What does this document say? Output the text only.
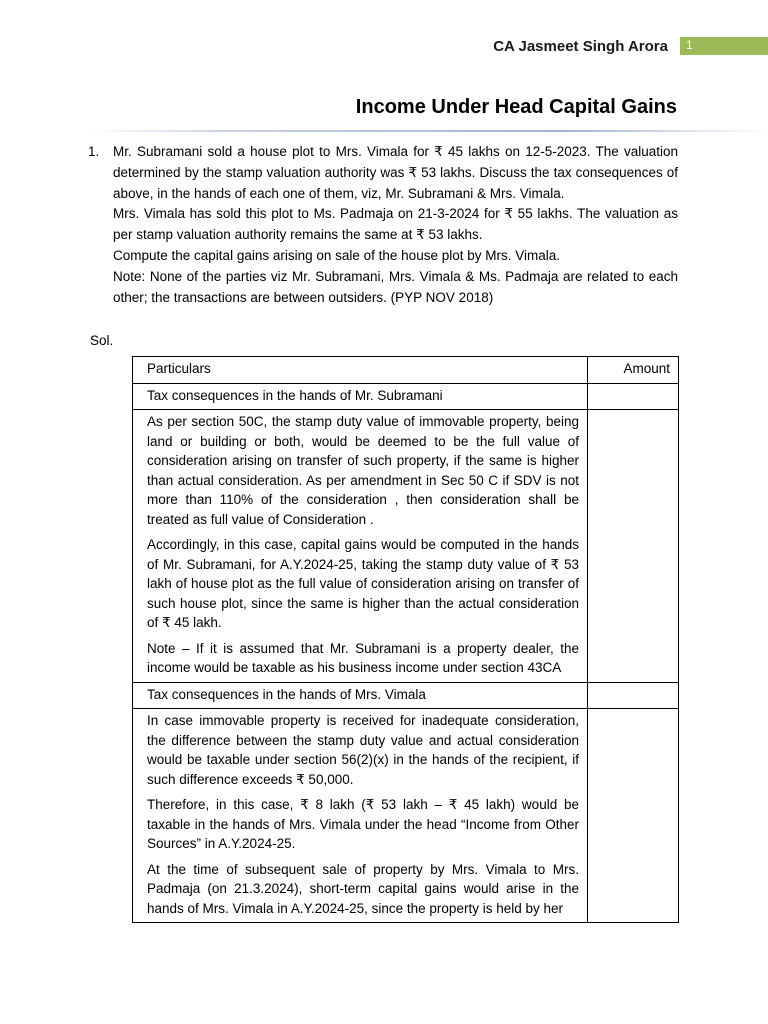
CA Jasmeet Singh Arora 1
Income Under Head Capital Gains
1.	Mr. Subramani sold a house plot to Mrs. Vimala for ₹ 45 lakhs on 12-5-2023. The valuation determined by the stamp valuation authority was ₹ 53 lakhs. Discuss the tax consequences of above, in the hands of each one of them, viz, Mr. Subramani & Mrs. Vimala.

Mrs. Vimala has sold this plot to Ms. Padmaja on 21-3-2024 for ₹ 55 lakhs. The valuation as per stamp valuation authority remains the same at ₹ 53 lakhs.

Compute the capital gains arising on sale of the house plot by Mrs. Vimala.

Note: None of the parties viz Mr. Subramani, Mrs. Vimala & Ms. Padmaja are related to each other; the transactions are between outsiders. (PYP NOV 2018)

Sol.
Particulars	Amount
Tax consequences in the hands of Mr. Subramani	

As per section 50C, the stamp duty value of immovable property, being land or building or both, would be deemed to be the full value of consideration arising on transfer of such property, if the same is higher than actual consideration. As per amendment in Sec 50 C if SDV is not more than 110% of the consideration , then consideration shall be treated as full value of Consideration .

Accordingly, in this case, capital gains would be computed in the hands of Mr. Subramani, for A.Y.2024-25, taking the stamp duty value of ₹ 53 lakh of house plot as the full value of consideration arising on transfer of such house plot, since the same is higher than the actual consideration of ₹ 45 lakh.

Note – If it is assumed that Mr. Subramani is a property dealer, the income would be taxable as his business income under section 43CA	

Tax consequences in the hands of Mrs. Vimala	

In case immovable property is received for inadequate consideration, the difference between the stamp duty value and actual consideration would be taxable under section 56(2)(x) in the hands of the recipient, if such difference exceeds ₹ 50,000.

Therefore, in this case, ₹ 8 lakh (₹ 53 lakh – ₹ 45 lakh) would be taxable in the hands of Mrs. Vimala under the head “Income from Other Sources” in A.Y.2024-25.

At the time of subsequent sale of property by Mrs. Vimala to Mrs. Padmaja (on 21.3.2024), short-term capital gains would arise in the hands of Mrs. Vimala in A.Y.2024-25, since the property is held by her	
